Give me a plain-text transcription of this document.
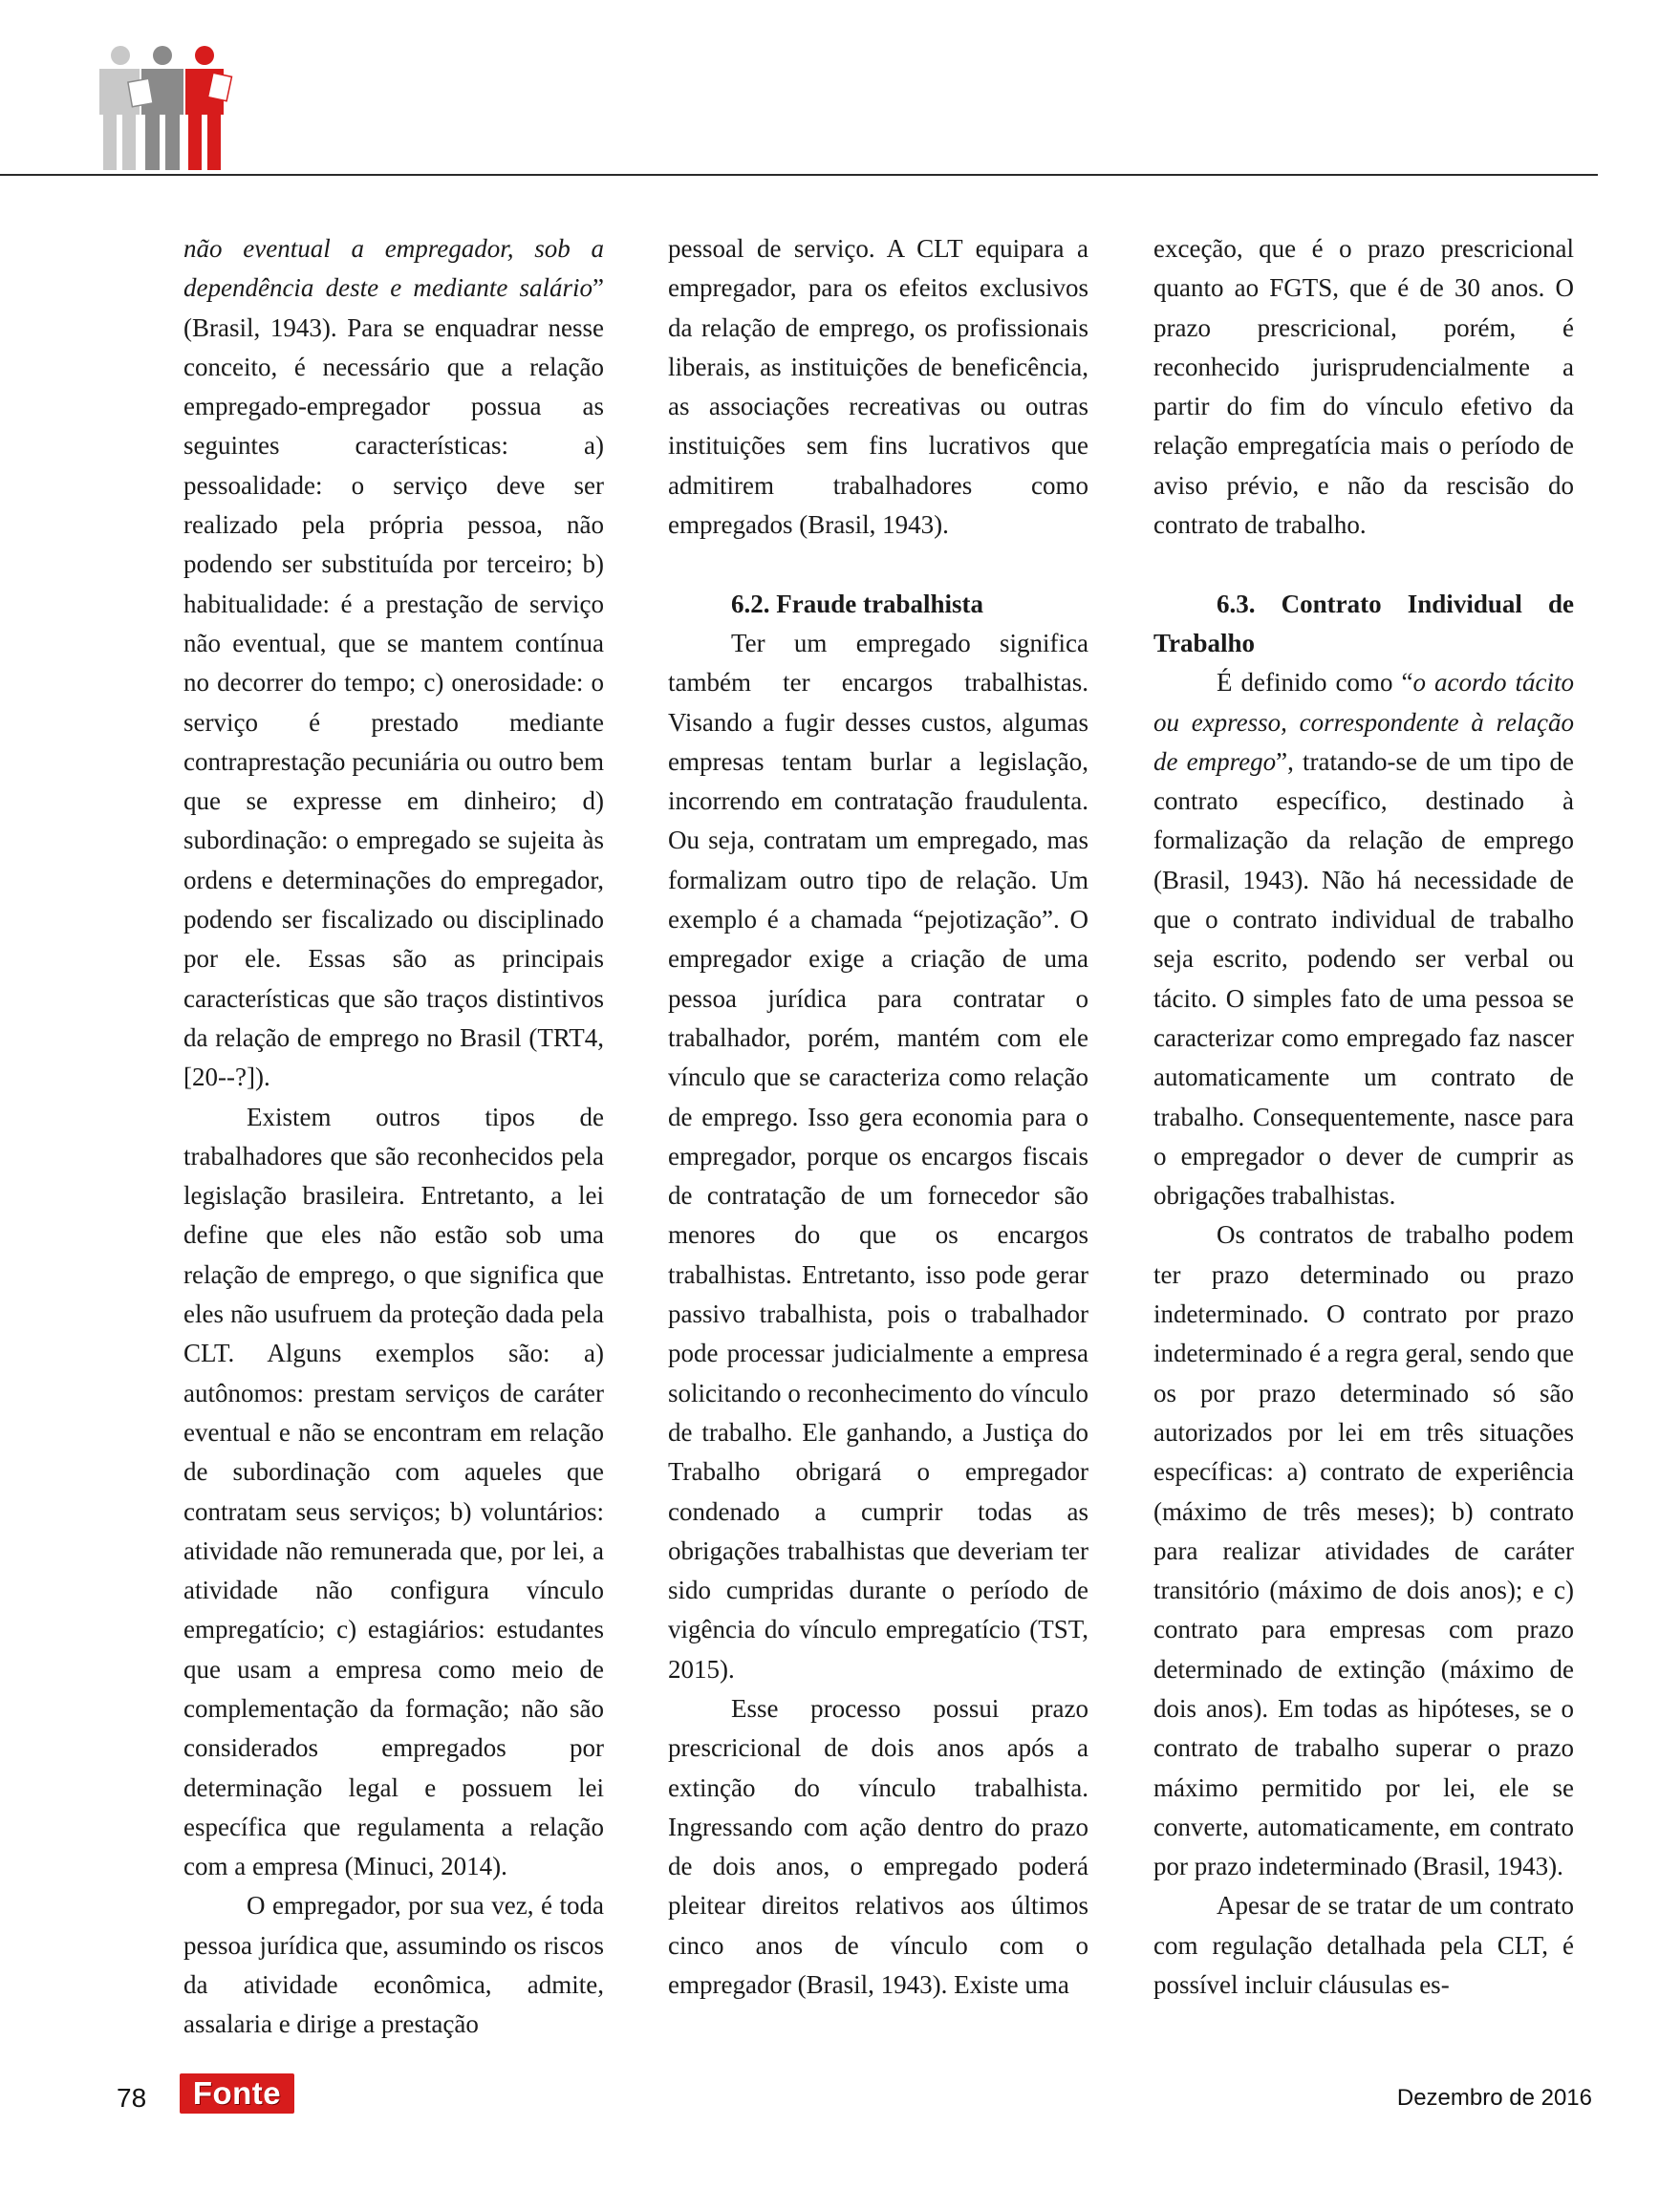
não eventual a empregador, sob a dependência deste e mediante salário” (Brasil, 1943). Para se enquadrar nesse conceito, é necessário que a relação empregado-empregador possua as seguintes características: a) pessoalidade: o serviço deve ser realizado pela própria pessoa, não podendo ser substituída por terceiro; b) habitualidade: é a prestação de serviço não eventual, que se mantem contínua no decorrer do tempo; c) onerosidade: o serviço é prestado mediante contraprestação pecuniária ou outro bem que se expresse em dinheiro; d) subordinação: o empregado se sujeita às ordens e determinações do empregador, podendo ser fiscalizado ou disciplinado por ele. Essas são as principais características que são traços distintivos da relação de emprego no Brasil (TRT4, [20--?]).

Existem outros tipos de trabalhadores que são reconhecidos pela legislação brasileira. Entretanto, a lei define que eles não estão sob uma relação de emprego, o que significa que eles não usufruem da proteção dada pela CLT. Alguns exemplos são: a) autônomos: prestam serviços de caráter eventual e não se encontram em relação de subordinação com aqueles que contratam seus serviços; b) voluntários: atividade não remunerada que, por lei, a atividade não configura vínculo empregatício; c) estagiários: estudantes que usam a empresa como meio de complementação da formação; não são considerados empregados por determinação legal e possuem lei específica que regulamenta a relação com a empresa (Minuci, 2014).

O empregador, por sua vez, é toda pessoa jurídica que, assumindo os riscos da atividade econômica, admite, assalaria e dirige a prestação

pessoal de serviço. A CLT equipara a empregador, para os efeitos exclusivos da relação de emprego, os profissionais liberais, as instituições de beneficência, as associações recreativas ou outras instituições sem fins lucrativos que admitirem trabalhadores como empregados (Brasil, 1943).

6.2. Fraude trabalhista

Ter um empregado significa também ter encargos trabalhistas. Visando a fugir desses custos, algumas empresas tentam burlar a legislação, incorrendo em contratação fraudulenta. Ou seja, contratam um empregado, mas formalizam outro tipo de relação. Um exemplo é a chamada “pejotização”. O empregador exige a criação de uma pessoa jurídica para contratar o trabalhador, porém, mantém com ele vínculo que se caracteriza como relação de emprego. Isso gera economia para o empregador, porque os encargos fiscais de contratação de um fornecedor são menores do que os encargos trabalhistas. Entretanto, isso pode gerar passivo trabalhista, pois o trabalhador pode processar judicialmente a empresa solicitando o reconhecimento do vínculo de trabalho. Ele ganhando, a Justiça do Trabalho obrigará o empregador condenado a cumprir todas as obrigações trabalhistas que deveriam ter sido cumpridas durante o período de vigência do vínculo empregatício (TST, 2015).

Esse processo possui prazo prescricional de dois anos após a extinção do vínculo trabalhista. Ingressando com ação dentro do prazo de dois anos, o empregado poderá pleitear direitos relativos aos últimos cinco anos de vínculo com o empregador (Brasil, 1943). Existe uma

exceção, que é o prazo prescricional quanto ao FGTS, que é de 30 anos. O prazo prescricional, porém, é reconhecido jurisprudencialmente a partir do fim do vínculo efetivo da relação empregatícia mais o período de aviso prévio, e não da rescisão do contrato de trabalho.

6.3. Contrato Individual de Trabalho

É definido como “o acordo tácito ou expresso, correspondente à relação de emprego”, tratando-se de um tipo de contrato específico, destinado à formalização da relação de emprego (Brasil, 1943). Não há necessidade de que o contrato individual de trabalho seja escrito, podendo ser verbal ou tácito. O simples fato de uma pessoa se caracterizar como empregado faz nascer automaticamente um contrato de trabalho. Consequentemente, nasce para o empregador o dever de cumprir as obrigações trabalhistas.

Os contratos de trabalho podem ter prazo determinado ou prazo indeterminado. O contrato por prazo indeterminado é a regra geral, sendo que os por prazo determinado só são autorizados por lei em três situações específicas: a) contrato de experiência (máximo de três meses); b) contrato para realizar atividades de caráter transitório (máximo de dois anos); e c) contrato para empresas com prazo determinado de extinção (máximo de dois anos). Em todas as hipóteses, se o contrato de trabalho superar o prazo máximo permitido por lei, ele se converte, automaticamente, em contrato por prazo indeterminado (Brasil, 1943).

Apesar de se tratar de um contrato com regulação detalhada pela CLT, é possível incluir cláusulas es-

78	Fonte	Dezembro de 2016
